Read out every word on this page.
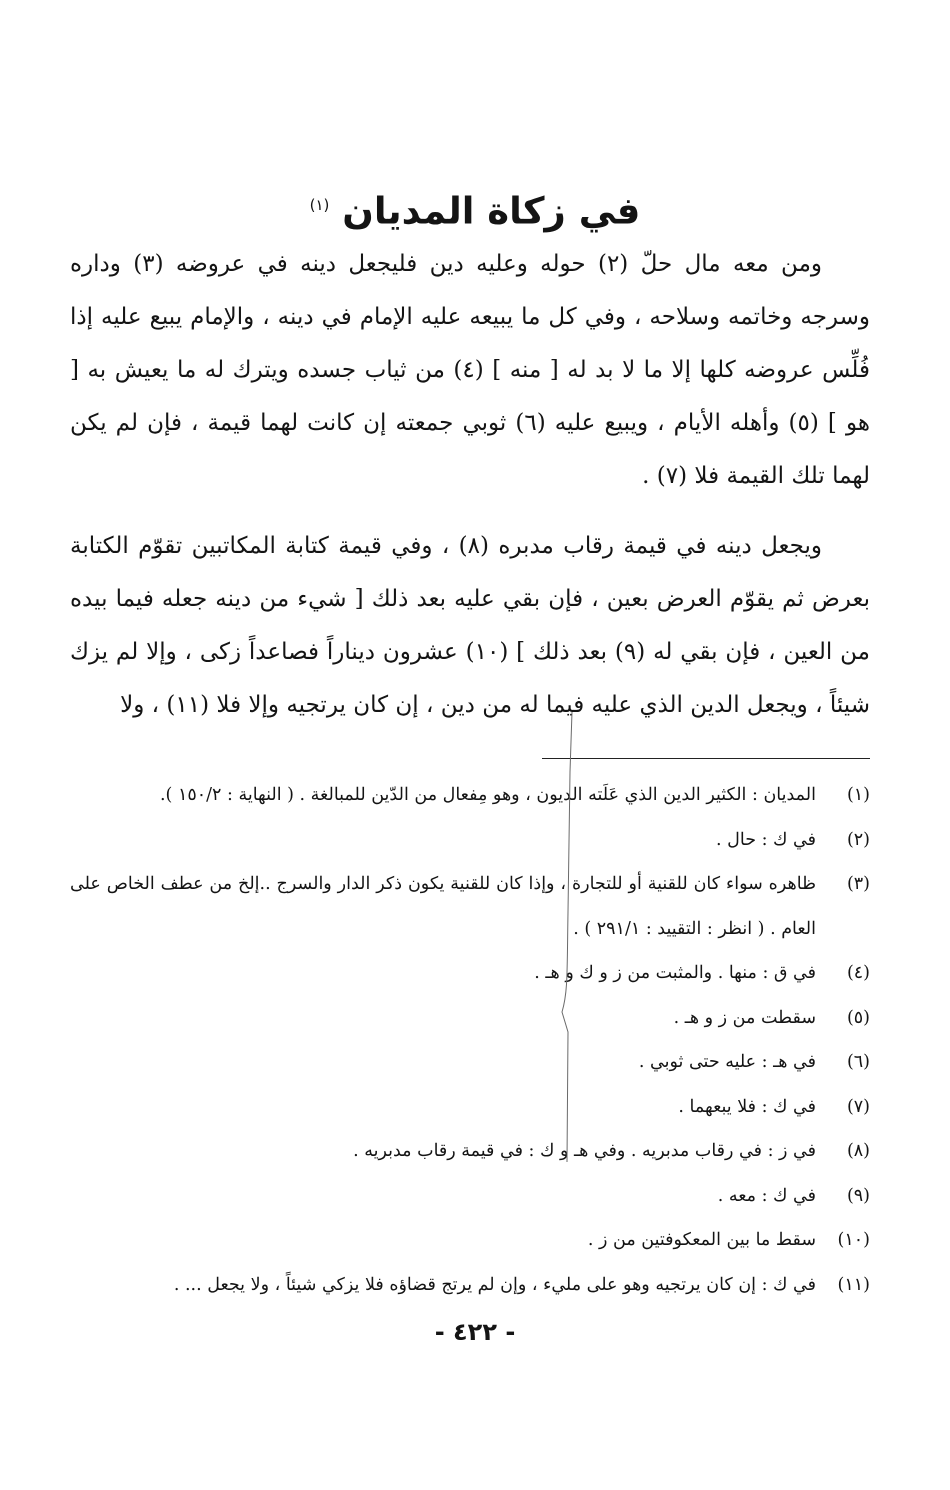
في زكاة المديان $^{(١)}$

ومن معه مال حلّ (٢) حوله وعليه دين فليجعل دينه في عروضه (٣) وداره وسرجه وخاتمه وسلاحه ، وفي كل ما يبيعه عليه الإمام في دينه ، والإمام يبيع عليه إذا فُلِّس عروضه كلها إلا ما لا بد له [ منه ] (٤) من ثياب جسده ويترك له ما يعيش به [ هو ] (٥) وأهله الأيام ، ويبيع عليه (٦) ثوبي جمعته إن كانت لهما قيمة ، فإن لم يكن لهما تلك القيمة فلا (٧) .

ويجعل دينه في قيمة رقاب مدبره (٨) ، وفي قيمة كتابة المكاتبين تقوّم الكتابة بعرض ثم يقوّم العرض بعين ، فإن بقي عليه بعد ذلك [ شيء من دينه جعله فيما بيده من العين ، فإن بقي له (٩) بعد ذلك ] (١٠) عشرون ديناراً فصاعداً زكى ، وإلا لم يزك شيئاً ، ويجعل الدين الذي عليه فيما له من دين ، إن كان يرتجيه وإلا فلا (١١) ، ولا

(١)
المديان : الكثير الدين الذي عَلَته الديون ، وهو مِفعال من الدّين للمبالغة . ( النهاية : ١٥٠/٢ ).
(٢)
في ك : حال .
(٣)
ظاهره سواء كان للقنية أو للتجارة ، وإذا كان للقنية يكون ذكر الدار والسرج ..إلخ من عطف الخاص على العام . ( انظر : التقييد : ٢٩١/١ ) .
(٤)
في ق : منها . والمثبت من ز و ك و هـ .
(٥)
سقطت من ز و هـ .
(٦)
في هـ : عليه حتى ثوبي .
(٧)
في ك : فلا يبعهما .
(٨)
في ز : في رقاب مدبريه . وفي هـ و ك : في قيمة رقاب مدبريه .
(٩)
في ك : معه .
(١٠)
سقط ما بين المعكوفتين من ز .
(١١)
في ك : إن كان يرتجيه وهو على مليء ، وإن لم يرتج قضاؤه فلا يزكي شيئاً ، ولا يجعل ... .
- ٤٢٢ -
